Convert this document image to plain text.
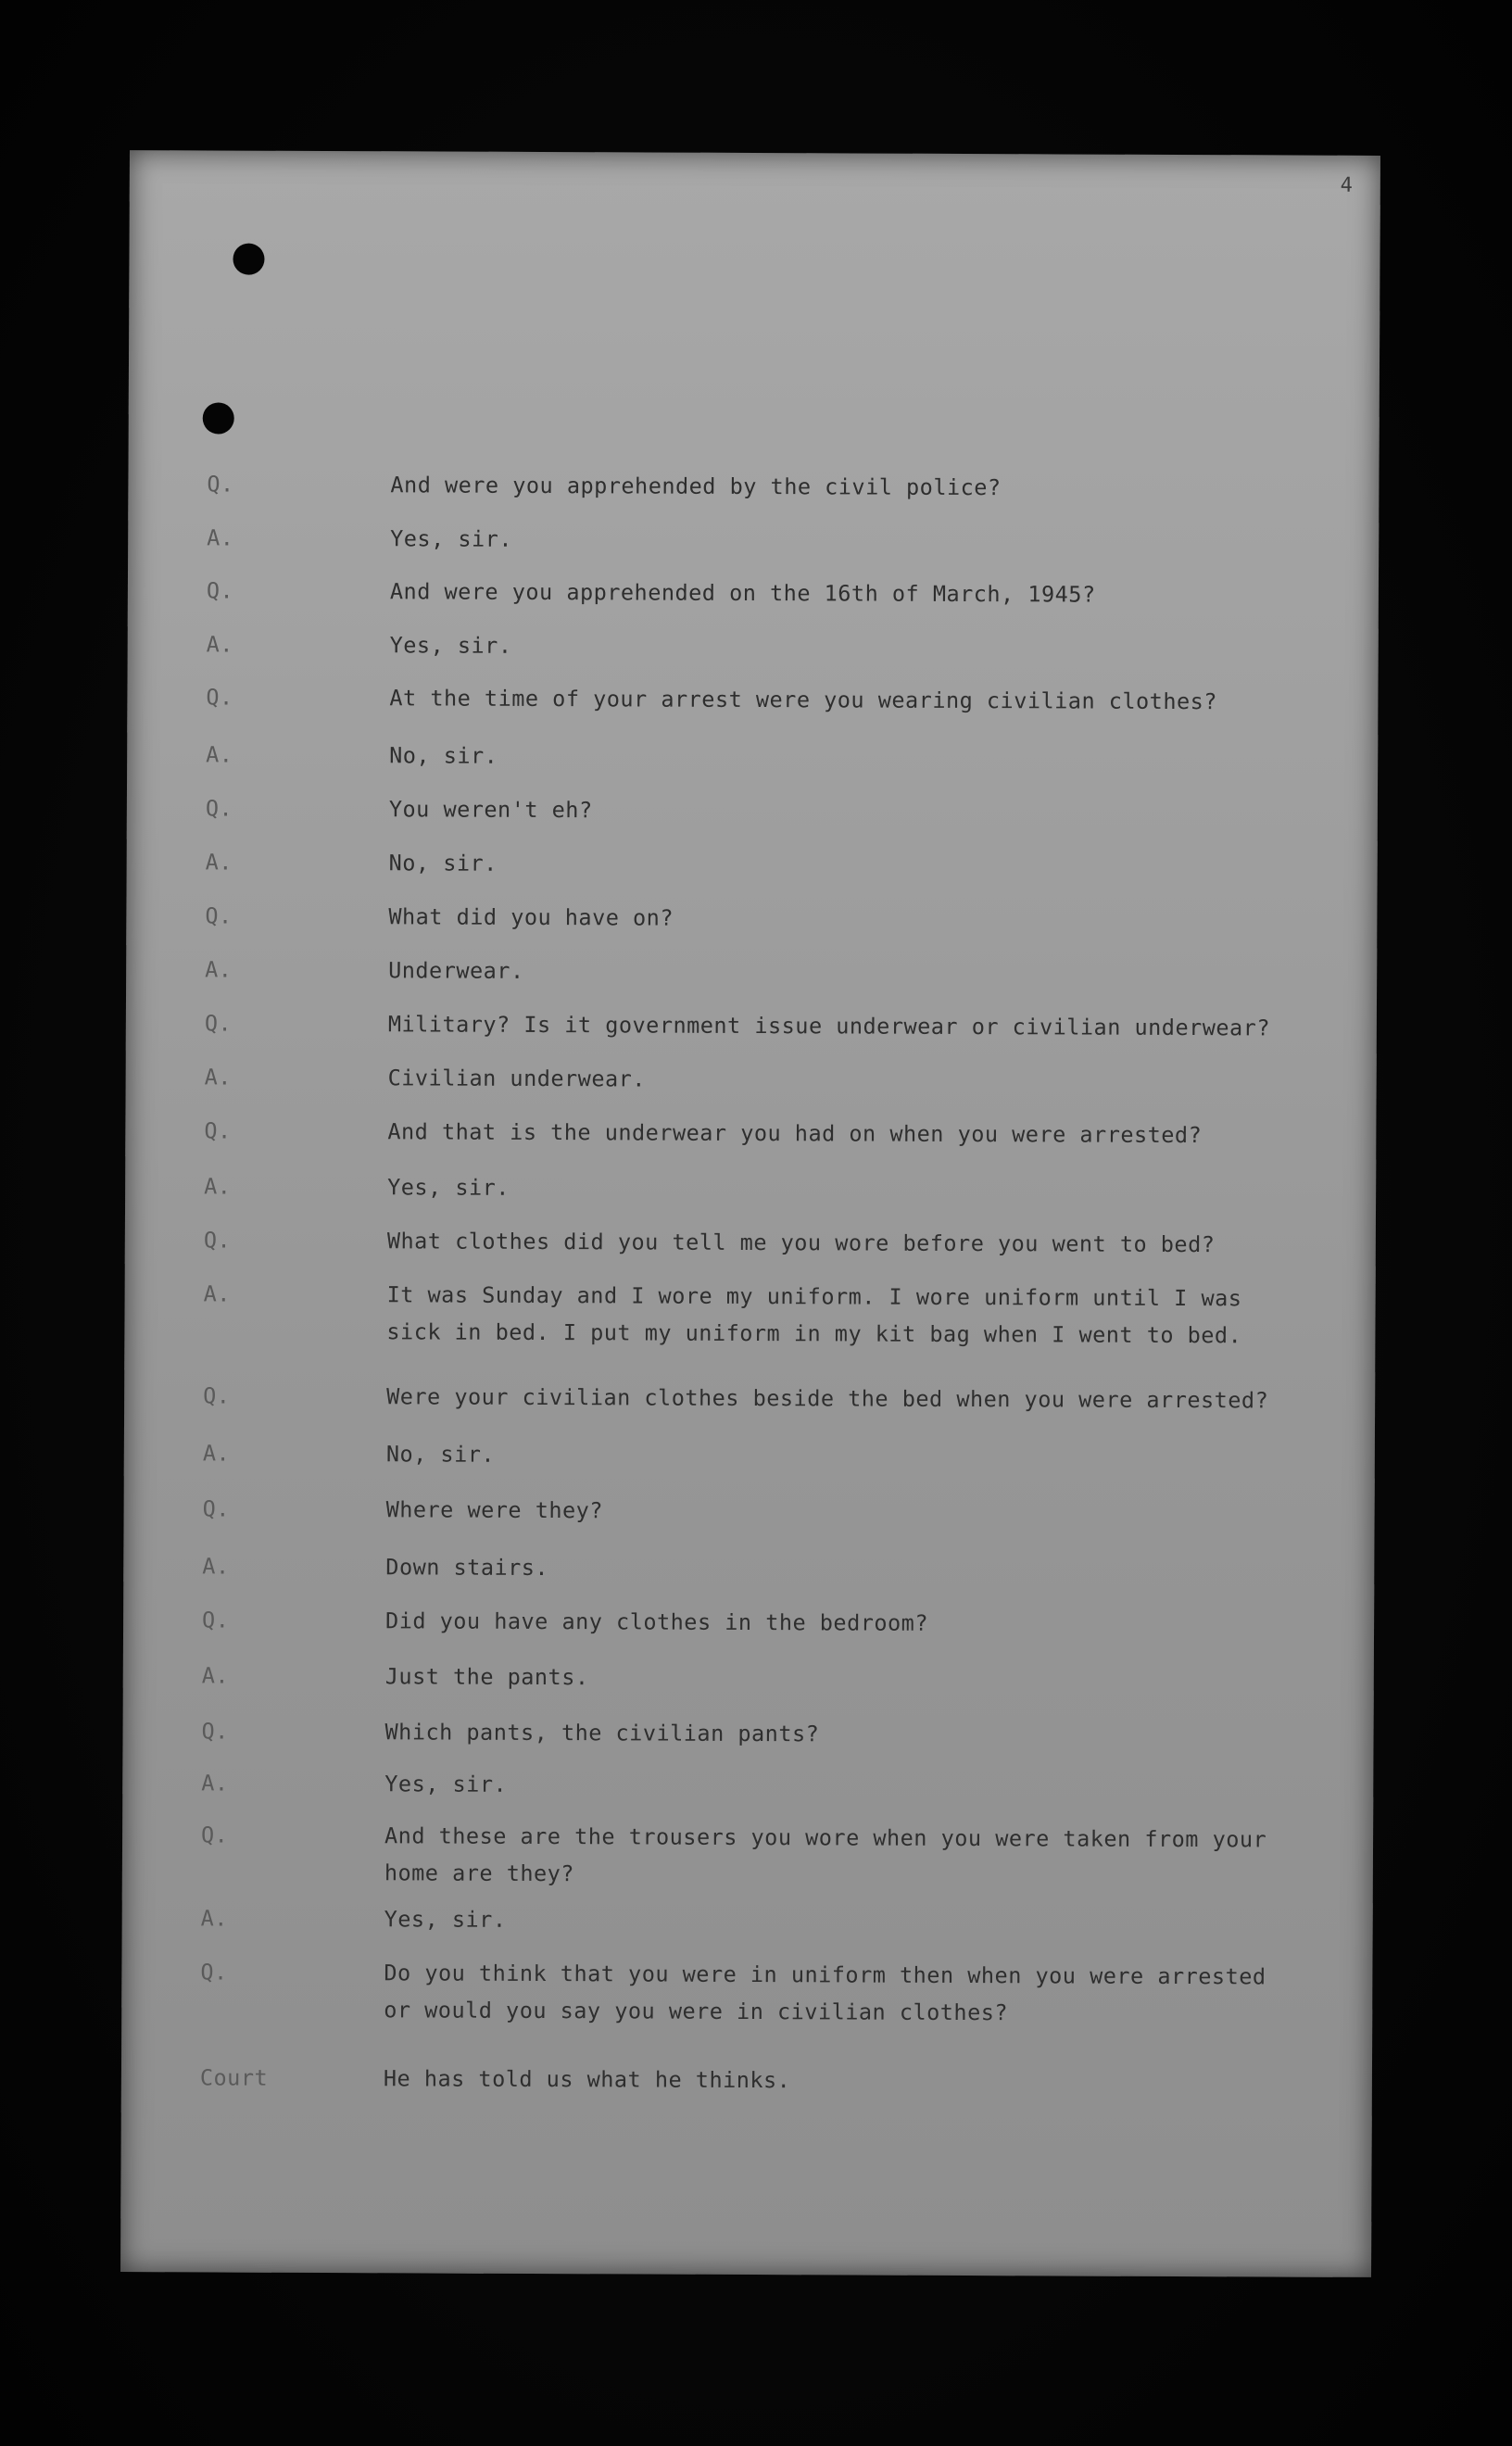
4
Q.	And were you apprehended by the civil police?
A.	Yes, sir.
Q.	And were you apprehended on the 16th of March, 1945?
A.	Yes, sir.
Q.	At the time of your arrest were you wearing civilian clothes?
A.	No, sir.
Q.	You weren't eh?
A.	No, sir.
Q.	What did you have on?
A.	Underwear.
Q.	Military? Is it government issue underwear or civilian underwear?
A.	Civilian underwear.
Q.	And that is the underwear you had on when you were arrested?
A.	Yes, sir.
Q.	What clothes did you tell me you wore before you went to bed?
A.	It was Sunday and I wore my uniform. I wore uniform until I was
sick in bed. I put my uniform in my kit bag when I went to bed.
Q.	Were your civilian clothes beside the bed when you were arrested?
A.	No, sir.
Q.	Where were they?
A.	Down stairs.
Q.	Did you have any clothes in the bedroom?
A.	Just the pants.
Q.	Which pants, the civilian pants?
A.	Yes, sir.
Q.	And these are the trousers you wore when you were taken from your
home are they?
A.	Yes, sir.
Q.	Do you think that you were in uniform then when you were arrested
or would you say you were in civilian clothes?
Court	He has told us what he thinks.
